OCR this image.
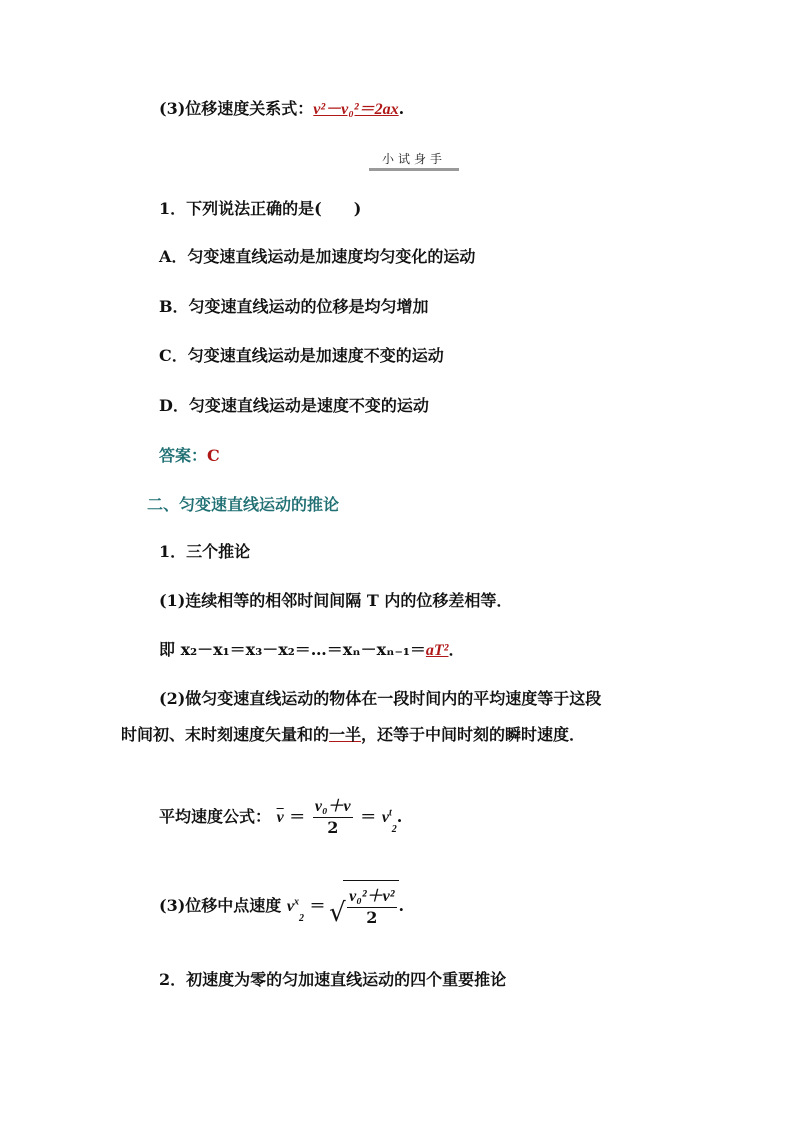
(3)位移速度关系式：v²－v₀²＝2ax.
小试身手
1．下列说法正确的是(　　)
A．匀变速直线运动是加速度均匀变化的运动
B．匀变速直线运动的位移是均匀增加
C．匀变速直线运动是加速度不变的运动
D．匀变速直线运动是速度不变的运动
答案：C
二、匀变速直线运动的推论
1．三个推论
(1)连续相等的相邻时间间隔 T 内的位移差相等．
即 x₂－x₁＝x₃－x₂＝…＝xₙ－xₙ₋₁＝aT²．
(2)做匀变速直线运动的物体在一段时间内的平均速度等于这段
时间初、末时刻速度矢量和的一半，还等于中间时刻的瞬时速度．
平均速度公式： $\overline{v} = \frac{\text{v₀＋v}}{2} = v^t_2$.
(3)位移中点速度 $v^x_2$ ＝ √ $\frac{\text{v₀²＋v²}}{2}$ .
2．初速度为零的匀加速直线运动的四个重要推论
